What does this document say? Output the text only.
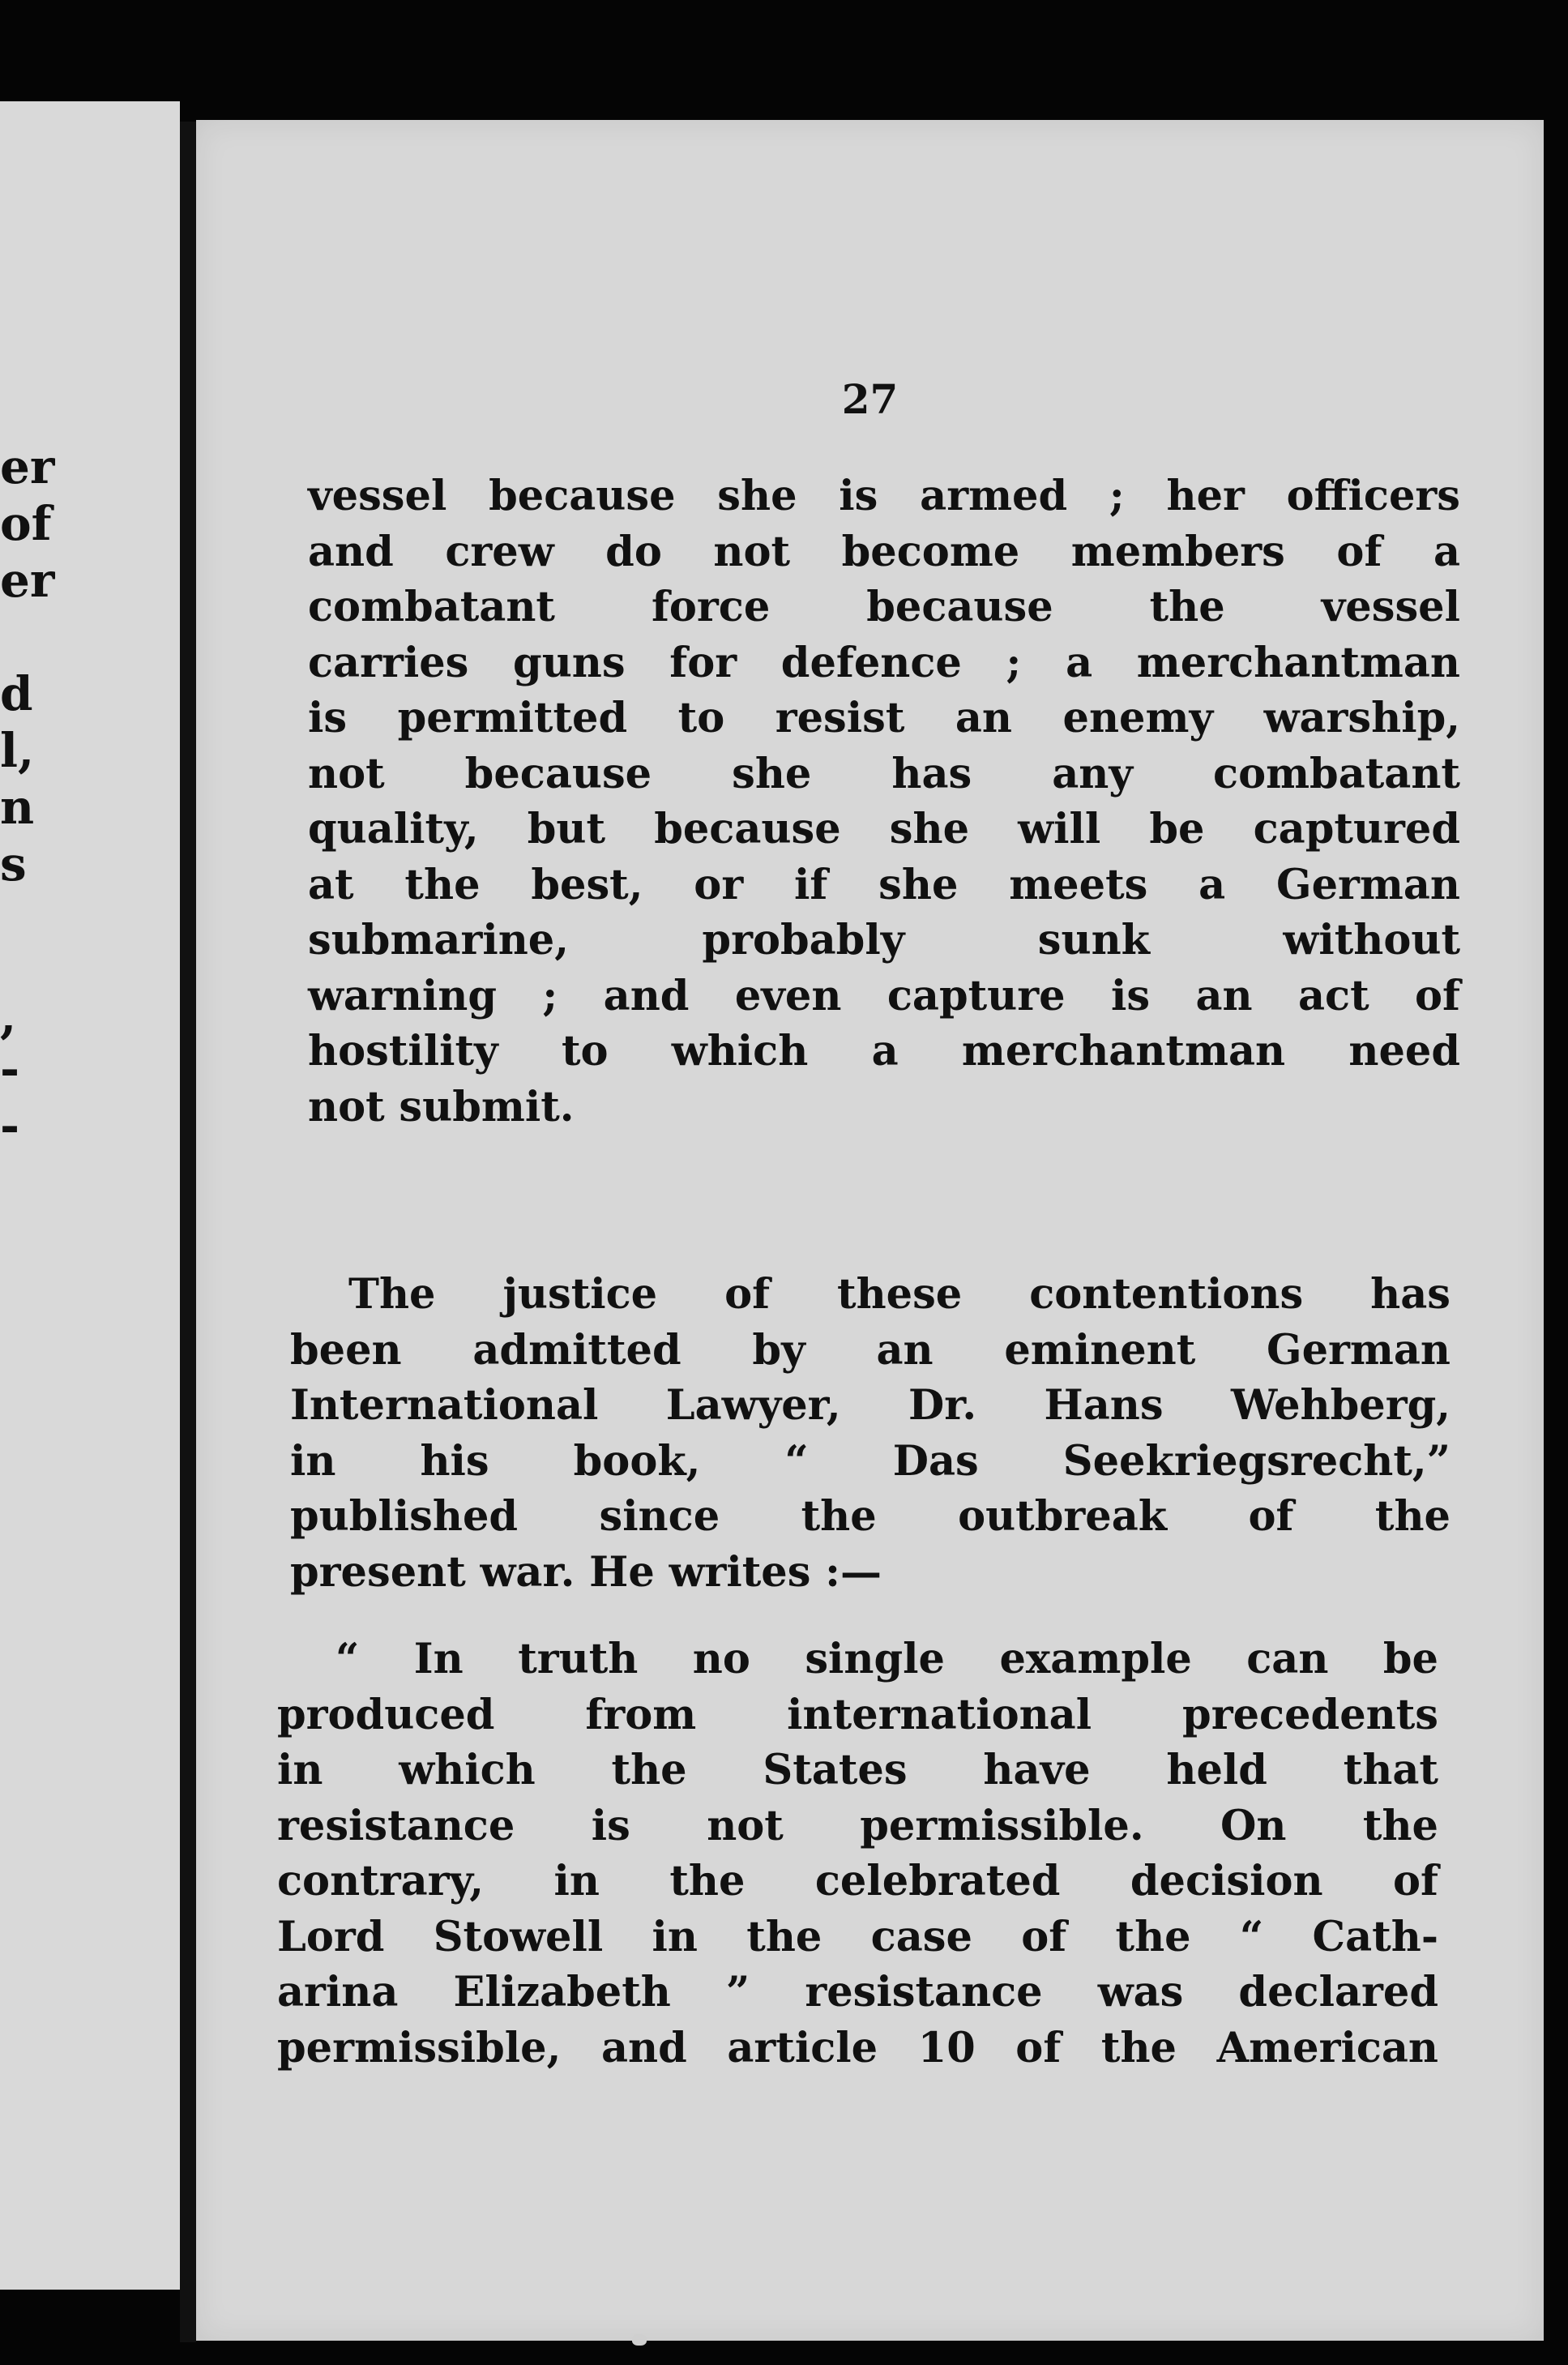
er
of
er
d
l,
n
s
,
-
-
27
vessel because she is armed ; her officers
and crew do not become members of a
combatant force because the vessel
carries guns for defence ; a merchantman
is permitted to resist an enemy warship,
not because she has any combatant
quality, but because she will be captured
at the best, or if she meets a German
submarine, probably sunk without
warning ; and even capture is an act of
hostility to which a merchantman need
not submit.
The justice of these contentions has
been admitted by an eminent German
International Lawyer, Dr. Hans Wehberg,
in his book, “ Das Seekriegsrecht,”
published since the outbreak of the
present war. He writes :—
“ In truth no single example can be
produced from international precedents
in which the States have held that
resistance is not permissible. On the
contrary, in the celebrated decision of
Lord Stowell in the case of the “ Cath-
arina Elizabeth ” resistance was declared
permissible, and article 10 of the American
